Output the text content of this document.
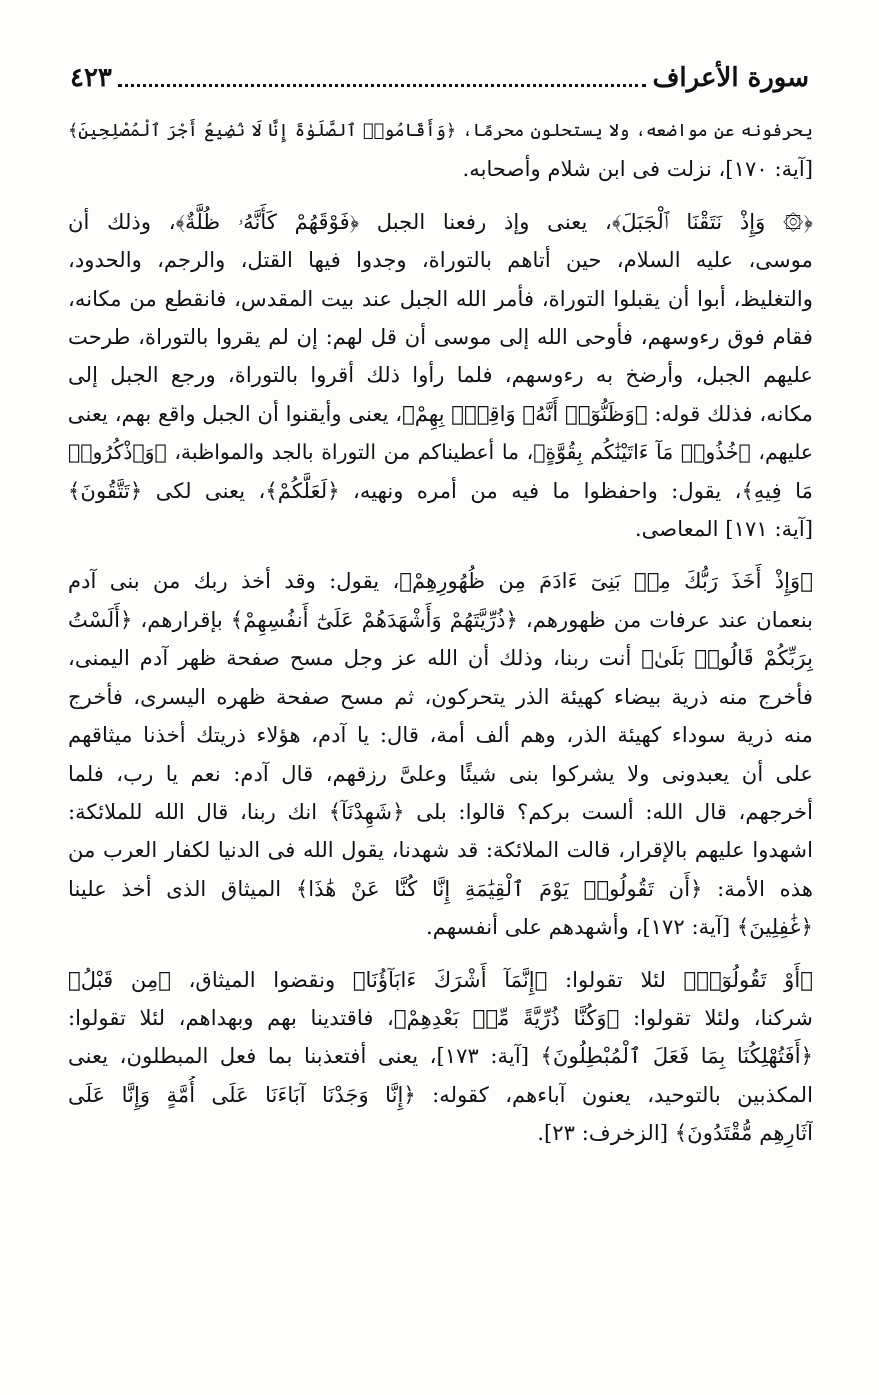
سورة الأعراف
٤٢٣
يحرفونه عن مواضعه، ولا يستحلون محرمًا، ﴿وَأَقَامُوا۟ ٱلصَّلَوٰةَ إِنَّا لَا نُضِيعُ أَجْرَ ٱلْمُصْلِحِينَ﴾
[آية: ١٧٠]، نزلت فى ابن شلام وأصحابه.
﴿۞ وَإِذْ نَتَقْنَا ٱلْجَبَلَ﴾، يعنى وإذ رفعنا الجبل ﴿فَوْقَهُمْ كَأَنَّهُۥ ظُلَّةٌ﴾، وذلك أن
موسى، عليه السلام، حين أتاهم بالتوراة، وجدوا فيها القتل، والرجم، والحدود،
والتغليظ، أبوا أن يقبلوا التوراة، فأمر الله الجبل عند بيت المقدس، فانقطع من مكانه،
فقام فوق رءوسهم، فأوحى الله إلى موسى أن قل لهم: إن لم يقروا بالتوراة، طرحت
عليهم الجبل، وأرضخ به رءوسهم، فلما رأوا ذلك أقروا بالتوراة، ورجع الجبل إلى
مكانه، فذلك قوله: ﴿وَظَنُّوٓا۟ أَنَّهُۥ وَاقِعٌۢ بِهِمْ﴾، يعنى وأيقنوا أن الجبل واقع بهم، يعنى
عليهم، ﴿خُذُوا۟ مَآ ءَاتَيْنَٰكُم بِقُوَّةٍ﴾، ما أعطيناكم من التوراة بالجد والمواظبة، ﴿وَٱذْكُرُوا۟
مَا فِيهِ﴾، يقول: واحفظوا ما فيه من أمره ونهيه، ﴿لَعَلَّكُمْ﴾، يعنى لكى ﴿تَتَّقُونَ﴾
[آية: ١٧١] المعاصى.
﴿وَإِذْ أَخَذَ رَبُّكَ مِنۢ بَنِىٓ ءَادَمَ مِن ظُهُورِهِمْ﴾، يقول: وقد أخذ ربك من بنى آدم
بنعمان عند عرفات من ظهورهم، ﴿ذُرِّيَّتَهُمْ وَأَشْهَدَهُمْ عَلَىٰٓ أَنفُسِهِمْ﴾ بإقرارهم، ﴿أَلَسْتُ
بِرَبِّكُمْ قَالُوا۟ بَلَىٰ﴾ أنت ربنا، وذلك أن الله عز وجل مسح صفحة ظهر آدم اليمنى،
فأخرج منه ذرية بيضاء كهيئة الذر يتحركون، ثم مسح صفحة ظهره اليسرى، فأخرج
منه ذرية سوداء كهيئة الذر، وهم ألف أمة، قال: يا آدم، هؤلاء ذريتك أخذنا ميثاقهم
على أن يعبدونى ولا يشركوا بنى شيئًا وعلىَّ رزقهم، قال آدم: نعم يا رب، فلما
أخرجهم، قال الله: ألست بركم؟ قالوا: بلى ﴿شَهِدْنَآ﴾ انك ربنا، قال الله للملائكة:
اشهدوا عليهم بالإقرار، قالت الملائكة: قد شهدنا، يقول الله فى الدنيا لكفار العرب من
هذه الأمة: ﴿أَن تَقُولُوا۟ يَوْمَ ٱلْقِيَٰمَةِ إِنَّا كُنَّا عَنْ هَٰذَا﴾ الميثاق الذى أخذ علينا
﴿غَٰفِلِينَ﴾ [آية: ١٧٢]، وأشهدهم على أنفسهم.
﴿أَوْ تَقُولُوٓا۟﴾ لئلا تقولوا: ﴿إِنَّمَآ أَشْرَكَ ءَابَآؤُنَا﴾ ونقضوا الميثاق، ﴿مِن قَبْلُ﴾
شركنا، ولئلا تقولوا: ﴿وَكُنَّا ذُرِّيَّةً مِّنۢ بَعْدِهِمْ﴾، فاقتدينا بهم وبهداهم، لئلا تقولوا:
﴿أَفَتُهْلِكُنَا بِمَا فَعَلَ ٱلْمُبْطِلُونَ﴾ [آية: ١٧٣]، يعنى أفتعذبنا بما فعل المبطلون، يعنى
المكذبين بالتوحيد، يعنون آباءهم، كقوله: ﴿إِنَّا وَجَدْنَا آبَاءَنَا عَلَى أُمَّةٍ وَإِنَّا عَلَى
آثَارِهِم مُّقْتَدُونَ﴾ [الزخرف: ٢٣].
